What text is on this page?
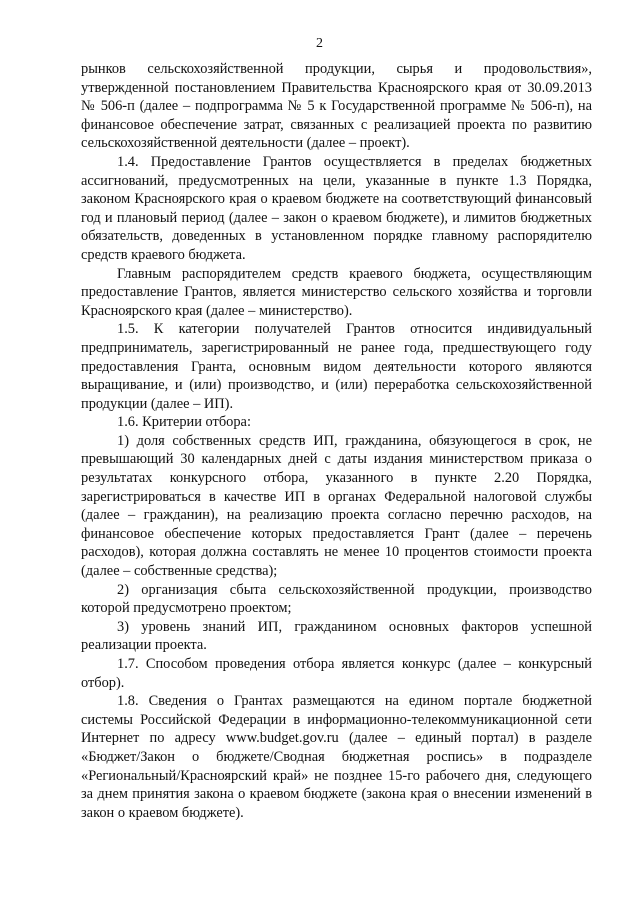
2

рынков сельскохозяйственной продукции, сырья и продовольствия», утвержденной постановлением Правительства Красноярского края от 30.09.2013 № 506-п (далее – подпрограмма № 5 к Государственной программе № 506-п), на финансовое обеспечение затрат, связанных с реализацией проекта по развитию сельскохозяйственной деятельности (далее – проект).

1.4. Предоставление Грантов осуществляется в пределах бюджетных ассигнований, предусмотренных на цели, указанные в пункте 1.3 Порядка, законом Красноярского края о краевом бюджете на соответствующий финансовый год и плановый период (далее – закон о краевом бюджете), и лимитов бюджетных обязательств, доведенных в установленном порядке главному распорядителю средств краевого бюджета.

Главным распорядителем средств краевого бюджета, осуществляющим предоставление Грантов, является министерство сельского хозяйства и торговли Красноярского края (далее – министерство).

1.5. К категории получателей Грантов относится индивидуальный предприниматель, зарегистрированный не ранее года, предшествующего году предоставления Гранта, основным видом деятельности которого являются выращивание, и (или) производство, и (или) переработка сельскохозяйственной продукции (далее – ИП).

1.6. Критерии отбора:

1) доля собственных средств ИП, гражданина, обязующегося в срок, не превышающий 30 календарных дней с даты издания министерством приказа о результатах конкурсного отбора, указанного в пункте 2.20 Порядка, зарегистрироваться в качестве ИП в органах Федеральной налоговой службы (далее – гражданин), на реализацию проекта согласно перечню расходов, на финансовое обеспечение которых предоставляется Грант (далее – перечень расходов), которая должна составлять не менее 10 процентов стоимости проекта (далее – собственные средства);

2) организация сбыта сельскохозяйственной продукции, производство которой предусмотрено проектом;

3) уровень знаний ИП, гражданином основных факторов успешной реализации проекта.

1.7. Способом проведения отбора является конкурс (далее – конкурсный отбор).

1.8. Сведения о Грантах размещаются на едином портале бюджетной системы Российской Федерации в информационно-телекоммуникационной сети Интернет по адресу www.budget.gov.ru (далее – единый портал) в разделе «Бюджет/Закон о бюджете/Сводная бюджетная роспись» в подразделе «Региональный/Красноярский край» не позднее 15-го рабочего дня, следующего за днем принятия закона о краевом бюджете (закона края о внесении изменений в закон о краевом бюджете).
